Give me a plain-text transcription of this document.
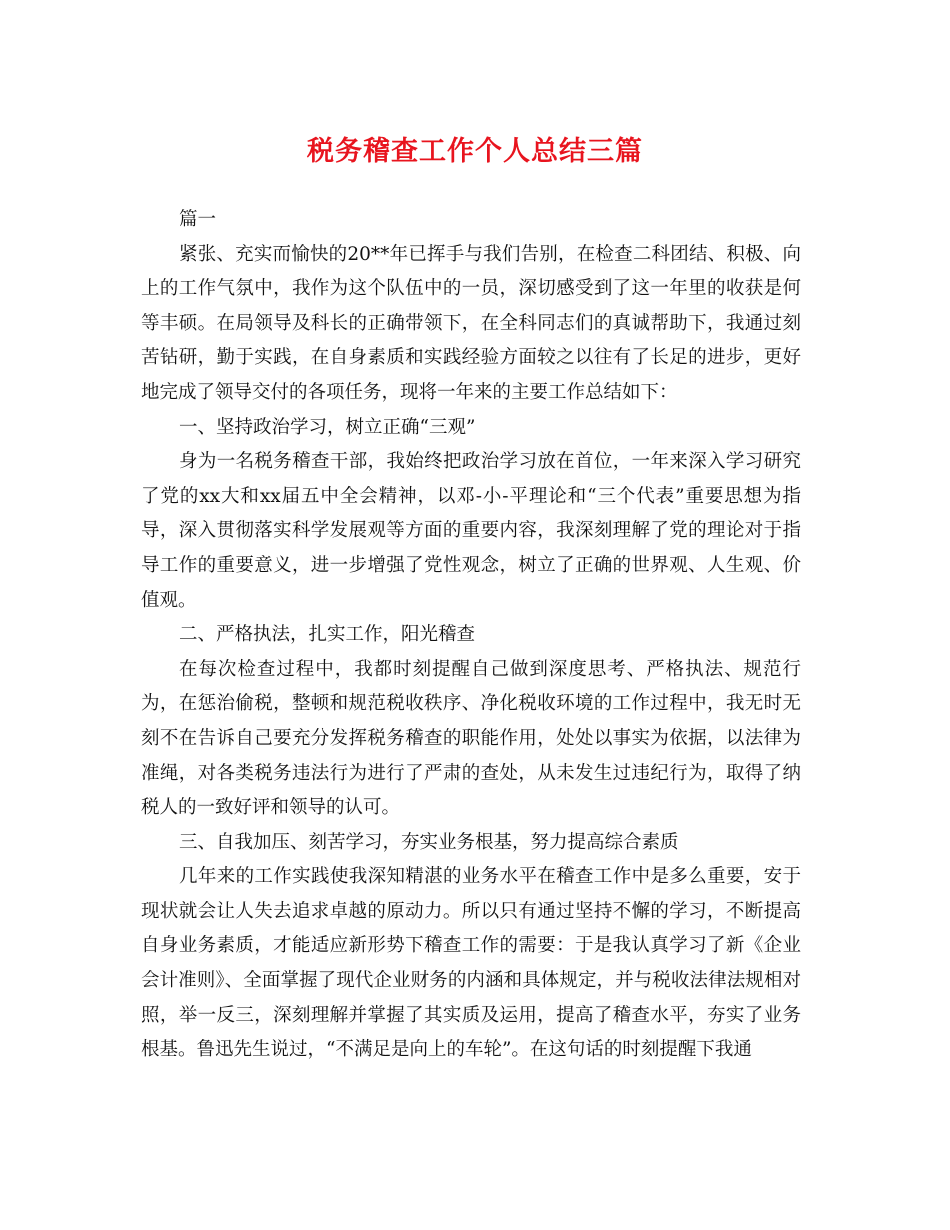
税务稽查工作个人总结三篇

篇一

紧张、充实而愉快的20**年已挥手与我们告别，在检查二科团结、积极、向上的工作气氛中，我作为这个队伍中的一员，深切感受到了这一年里的收获是何等丰硕。在局领导及科长的正确带领下，在全科同志们的真诚帮助下，我通过刻苦钻研，勤于实践，在自身素质和实践经验方面较之以往有了长足的进步，更好地完成了领导交付的各项任务，现将一年来的主要工作总结如下：

一、坚持政治学习，树立正确“三观”

身为一名税务稽查干部，我始终把政治学习放在首位，一年来深入学习研究了党的xx大和xx届五中全会精神，以邓-小-平理论和“三个代表”重要思想为指导，深入贯彻落实科学发展观等方面的重要内容，我深刻理解了党的理论对于指导工作的重要意义，进一步增强了党性观念，树立了正确的世界观、人生观、价值观。

二、严格执法，扎实工作，阳光稽查

在每次检查过程中，我都时刻提醒自己做到深度思考、严格执法、规范行为，在惩治偷税，整顿和规范税收秩序、净化税收环境的工作过程中，我无时无刻不在告诉自己要充分发挥税务稽查的职能作用，处处以事实为依据，以法律为准绳，对各类税务违法行为进行了严肃的查处，从未发生过违纪行为，取得了纳税人的一致好评和领导的认可。

三、自我加压、刻苦学习，夯实业务根基，努力提高综合素质

几年来的工作实践使我深知精湛的业务水平在稽查工作中是多么重要，安于现状就会让人失去追求卓越的原动力。所以只有通过坚持不懈的学习，不断提高自身业务素质，才能适应新形势下稽查工作的需要：于是我认真学习了新《企业会计准则》、全面掌握了现代企业财务的内涵和具体规定，并与税收法律法规相对照，举一反三，深刻理解并掌握了其实质及运用，提高了稽查水平，夯实了业务根基。鲁迅先生说过，“不满足是向上的车轮”。在这句话的时刻提醒下我通
